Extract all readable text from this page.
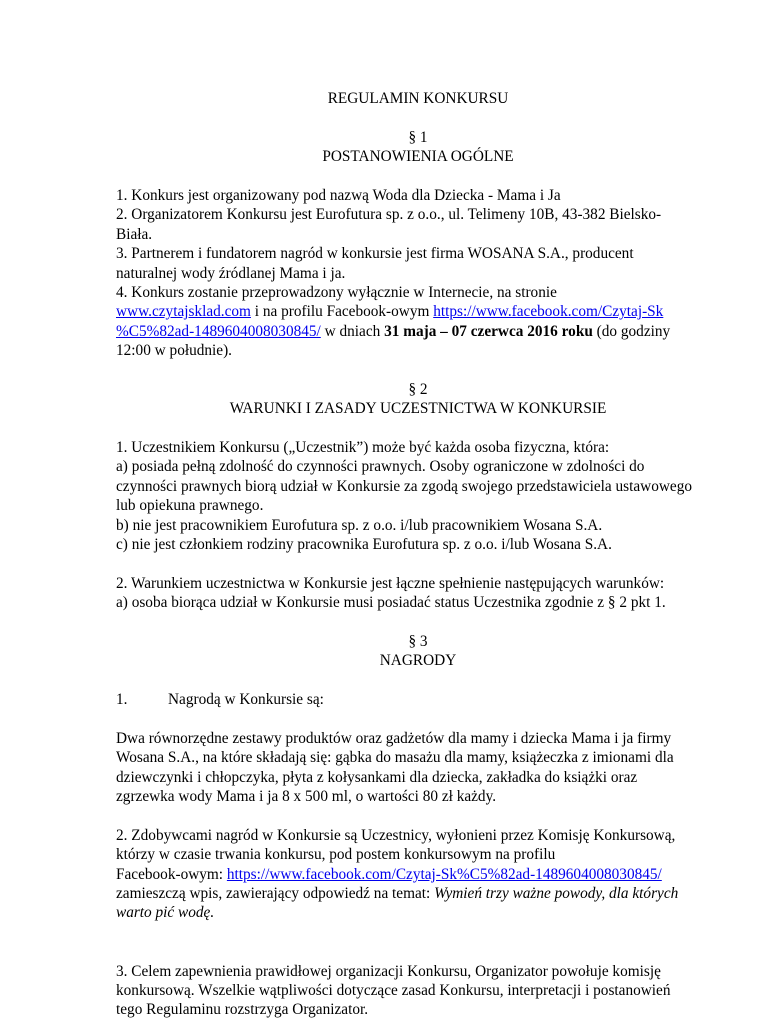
REGULAMIN KONKURSU
§ 1
POSTANOWIENIA OGÓLNE
1. Konkurs jest organizowany pod nazwą Woda dla Dziecka - Mama i Ja
2. Organizatorem Konkursu jest Eurofutura sp. z o.o., ul. Telimeny 10B, 43-382 Bielsko-
Biała.
3. Partnerem i fundatorem nagród w konkursie jest firma WOSANA S.A., producent
naturalnej wody źródlanej Mama i ja.
4. Konkurs zostanie przeprowadzony wyłącznie w Internecie, na stronie
www.czytajsklad.com i na profilu Facebook-owym https://www.facebook.com/Czytaj-Sk
%C5%82ad-1489604008030845/ w dniach 31 maja – 07 czerwca 2016 roku (do godziny
12:00 w południe).
§ 2
WARUNKI I ZASADY UCZESTNICTWA W KONKURSIE
1. Uczestnikiem Konkursu („Uczestnik”) może być każda osoba fizyczna, która:
a) posiada pełną zdolność do czynności prawnych. Osoby ograniczone w zdolności do
czynności prawnych biorą udział w Konkursie za zgodą swojego przedstawiciela ustawowego
lub opiekuna prawnego.
b) nie jest pracownikiem Eurofutura sp. z o.o. i/lub pracownikiem Wosana S.A.
c) nie jest członkiem rodziny pracownika Eurofutura sp. z o.o. i/lub Wosana S.A.
2. Warunkiem uczestnictwa w Konkursie jest łączne spełnienie następujących warunków:
a) osoba biorąca udział w Konkursie musi posiadać status Uczestnika zgodnie z § 2 pkt 1.
§ 3
NAGRODY
1.	Nagrodą w Konkursie są:
Dwa równorzędne zestawy produktów oraz gadżetów dla mamy i dziecka Mama i ja firmy
Wosana S.A., na które składają się: gąbka do masażu dla mamy, książeczka z imionami dla
dziewczynki i chłopczyka, płyta z kołysankami dla dziecka, zakładka do książki oraz
zgrzewka wody Mama i ja 8 x 500 ml, o wartości 80 zł każdy.
2. Zdobywcami nagród w Konkursie są Uczestnicy, wyłonieni przez Komisję Konkursową,
którzy w czasie trwania konkursu, pod postem konkursowym na profilu
Facebook-owym: https://www.facebook.com/Czytaj-Sk%C5%82ad-1489604008030845/
zamieszczą wpis, zawierający odpowiedź na temat: Wymień trzy ważne powody, dla których
warto pić wodę.
3. Celem zapewnienia prawidłowej organizacji Konkursu, Organizator powołuje komisję
konkursową. Wszelkie wątpliwości dotyczące zasad Konkursu, interpretacji i postanowień
tego Regulaminu rozstrzyga Organizator.
